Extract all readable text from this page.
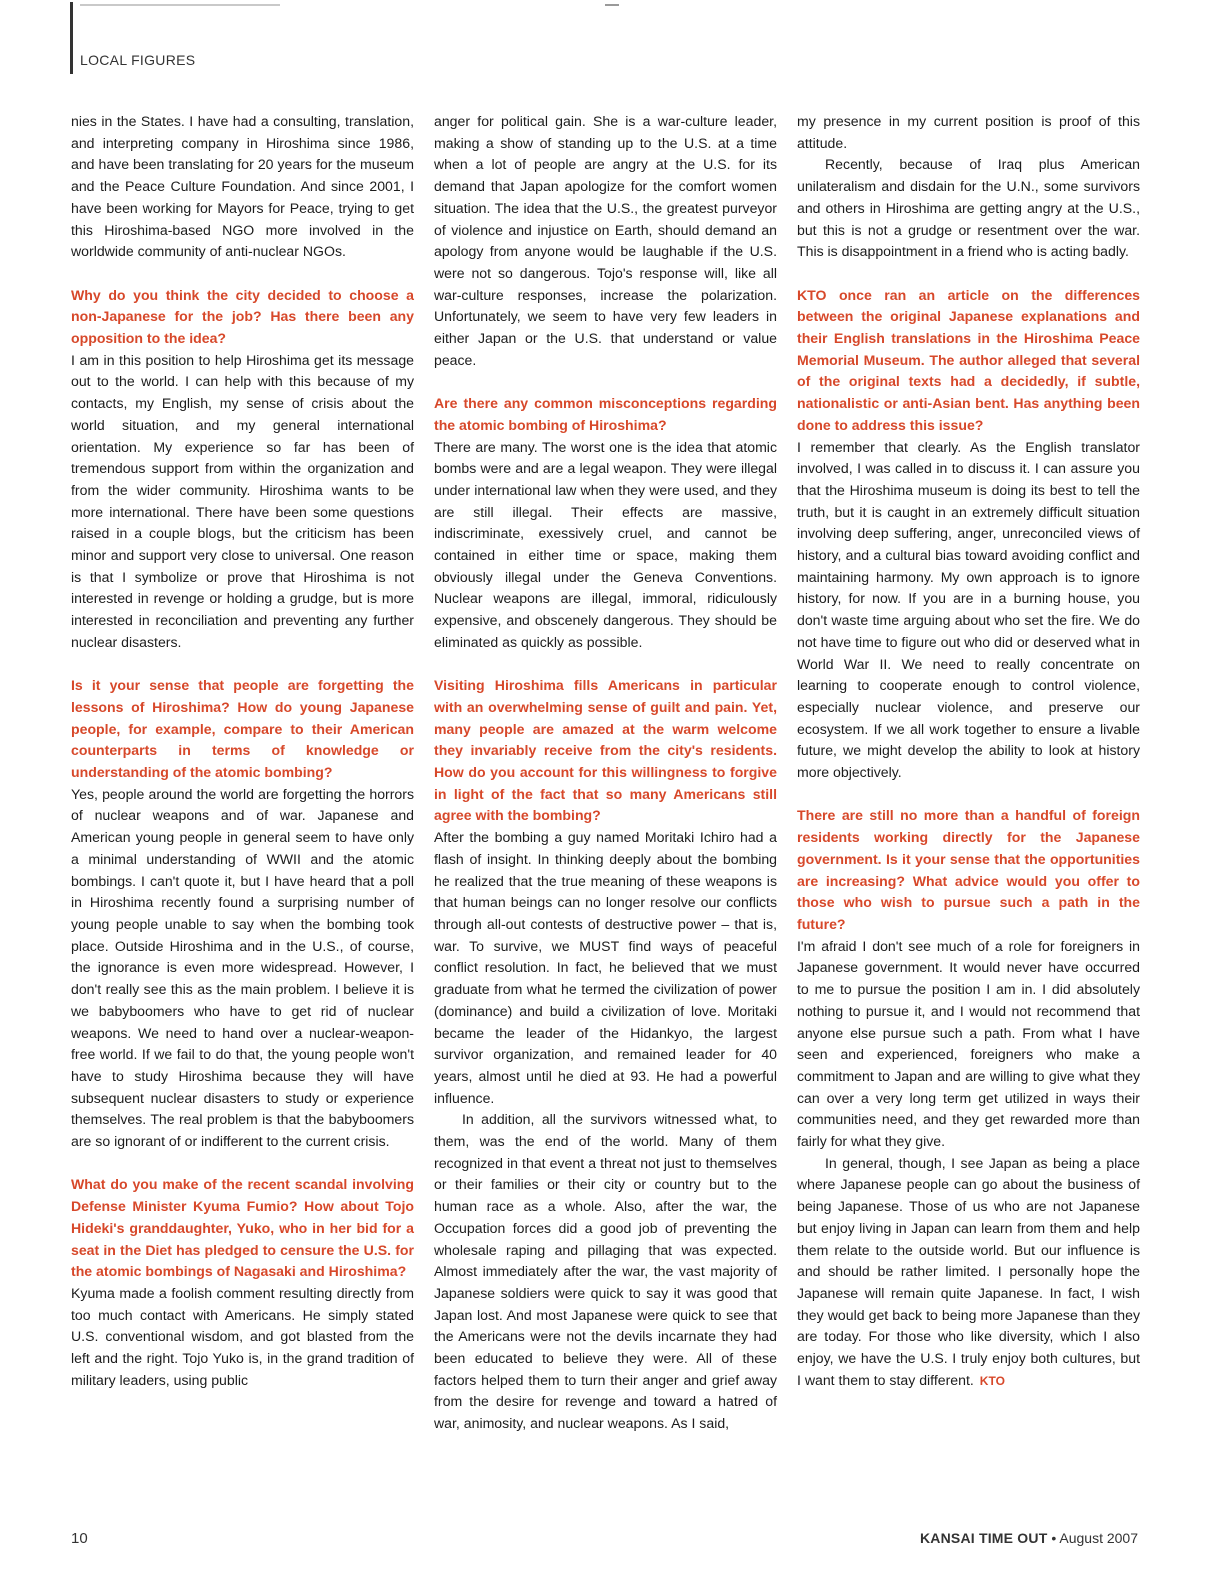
LOCAL FIGURES

nies in the States. I have had a consulting, translation, and interpreting company in Hiroshima since 1986, and have been translating for 20 years for the museum and the Peace Culture Foundation. And since 2001, I have been working for Mayors for Peace, trying to get this Hiroshima-based NGO more involved in the worldwide community of anti-nuclear NGOs.

Why do you think the city decided to choose a non-Japanese for the job? Has there been any opposition to the idea?

I am in this position to help Hiroshima get its message out to the world. I can help with this because of my contacts, my English, my sense of crisis about the world situation, and my general international orientation. My experience so far has been of tremendous support from within the organization and from the wider community. Hiroshima wants to be more international. There have been some questions raised in a couple blogs, but the criticism has been minor and support very close to universal. One reason is that I symbolize or prove that Hiroshima is not interested in revenge or holding a grudge, but is more interested in reconciliation and preventing any further nuclear disasters.

Is it your sense that people are forgetting the lessons of Hiroshima? How do young Japanese people, for example, compare to their American counterparts in terms of knowledge or understanding of the atomic bombing?

Yes, people around the world are forgetting the horrors of nuclear weapons and of war. Japanese and American young people in general seem to have only a minimal understanding of WWII and the atomic bombings. I can't quote it, but I have heard that a poll in Hiroshima recently found a surprising number of young people unable to say when the bombing took place. Outside Hiroshima and in the U.S., of course, the ignorance is even more widespread. However, I don't really see this as the main problem. I believe it is we babyboomers who have to get rid of nuclear weapons. We need to hand over a nuclear-weapon-free world. If we fail to do that, the young people won't have to study Hiroshima because they will have subsequent nuclear disasters to study or experience themselves. The real problem is that the babyboomers are so ignorant of or indifferent to the current crisis.

What do you make of the recent scandal involving Defense Minister Kyuma Fumio? How about Tojo Hideki's granddaughter, Yuko, who in her bid for a seat in the Diet has pledged to censure the U.S. for the atomic bombings of Nagasaki and Hiroshima?

Kyuma made a foolish comment resulting directly from too much contact with Americans. He simply stated U.S. conventional wisdom, and got blasted from the left and the right. Tojo Yuko is, in the grand tradition of military leaders, using public

anger for political gain. She is a war-culture leader, making a show of standing up to the U.S. at a time when a lot of people are angry at the U.S. for its demand that Japan apologize for the comfort women situation. The idea that the U.S., the greatest purveyor of violence and injustice on Earth, should demand an apology from anyone would be laughable if the U.S. were not so dangerous. Tojo's response will, like all war-culture responses, increase the polarization. Unfortunately, we seem to have very few leaders in either Japan or the U.S. that understand or value peace.

Are there any common misconceptions regarding the atomic bombing of Hiroshima?

There are many. The worst one is the idea that atomic bombs were and are a legal weapon. They were illegal under international law when they were used, and they are still illegal. Their effects are massive, indiscriminate, exessively cruel, and cannot be contained in either time or space, making them obviously illegal under the Geneva Conventions. Nuclear weapons are illegal, immoral, ridiculously expensive, and obscenely dangerous. They should be eliminated as quickly as possible.

Visiting Hiroshima fills Americans in particular with an overwhelming sense of guilt and pain. Yet, many people are amazed at the warm welcome they invariably receive from the city's residents. How do you account for this willingness to forgive in light of the fact that so many Americans still agree with the bombing?

After the bombing a guy named Moritaki Ichiro had a flash of insight. In thinking deeply about the bombing he realized that the true meaning of these weapons is that human beings can no longer resolve our conflicts through all-out contests of destructive power – that is, war. To survive, we MUST find ways of peaceful conflict resolution. In fact, he believed that we must graduate from what he termed the civilization of power (dominance) and build a civilization of love. Moritaki became the leader of the Hidankyo, the largest survivor organization, and remained leader for 40 years, almost until he died at 93. He had a powerful influence.

In addition, all the survivors witnessed what, to them, was the end of the world. Many of them recognized in that event a threat not just to themselves or their families or their city or country but to the human race as a whole. Also, after the war, the Occupation forces did a good job of preventing the wholesale raping and pillaging that was expected. Almost immediately after the war, the vast majority of Japanese soldiers were quick to say it was good that Japan lost. And most Japanese were quick to see that the Americans were not the devils incarnate they had been educated to believe they were. All of these factors helped them to turn their anger and grief away from the desire for revenge and toward a hatred of war, animosity, and nuclear weapons. As I said,

my presence in my current position is proof of this attitude.

Recently, because of Iraq plus American unilateralism and disdain for the U.N., some survivors and others in Hiroshima are getting angry at the U.S., but this is not a grudge or resentment over the war. This is disappointment in a friend who is acting badly.

KTO once ran an article on the differences between the original Japanese explanations and their English translations in the Hiroshima Peace Memorial Museum. The author alleged that several of the original texts had a decidedly, if subtle, nationalistic or anti-Asian bent. Has anything been done to address this issue?

I remember that clearly. As the English translator involved, I was called in to discuss it. I can assure you that the Hiroshima museum is doing its best to tell the truth, but it is caught in an extremely difficult situation involving deep suffering, anger, unreconciled views of history, and a cultural bias toward avoiding conflict and maintaining harmony. My own approach is to ignore history, for now. If you are in a burning house, you don't waste time arguing about who set the fire. We do not have time to figure out who did or deserved what in World War II. We need to really concentrate on learning to cooperate enough to control violence, especially nuclear violence, and preserve our ecosystem. If we all work together to ensure a livable future, we might develop the ability to look at history more objectively.

There are still no more than a handful of foreign residents working directly for the Japanese government. Is it your sense that the opportunities are increasing? What advice would you offer to those who wish to pursue such a path in the future?

I'm afraid I don't see much of a role for foreigners in Japanese government. It would never have occurred to me to pursue the position I am in. I did absolutely nothing to pursue it, and I would not recommend that anyone else pursue such a path. From what I have seen and experienced, foreigners who make a commitment to Japan and are willing to give what they can over a very long term get utilized in ways their communities need, and they get rewarded more than fairly for what they give.

In general, though, I see Japan as being a place where Japanese people can go about the business of being Japanese. Those of us who are not Japanese but enjoy living in Japan can learn from them and help them relate to the outside world. But our influence is and should be rather limited. I personally hope the Japanese will remain quite Japanese. In fact, I wish they would get back to being more Japanese than they are today. For those who like diversity, which I also enjoy, we have the U.S. I truly enjoy both cultures, but I want them to stay different. KTO

10	KANSAI TIME OUT • August 2007
